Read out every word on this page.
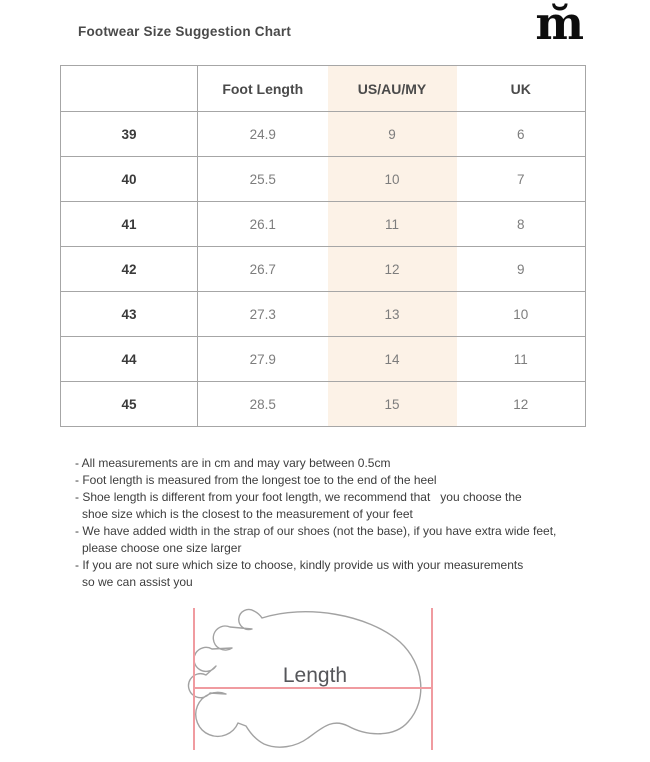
Footwear Size Suggestion Chart	m̆
	Foot Length	US/AU/MY	UK
39	24.9	9	6
40	25.5	10	7
41	26.1	11	8
42	26.7	12	9
43	27.3	13	10
44	27.9	14	11
45	28.5	15	12
- All measurements are in cm and may vary between 0.5cm
- Foot length is measured from the longest toe to the end of the heel
- Shoe length is different from your foot length, we recommend that   you choose the
shoe size which is the closest to the measurement of your feet
- We have added width in the strap of our shoes (not the base), if you have extra wide feet,
please choose one size larger
- If you are not sure which size to choose, kindly provide us with your measurements
so we can assist you
Length
